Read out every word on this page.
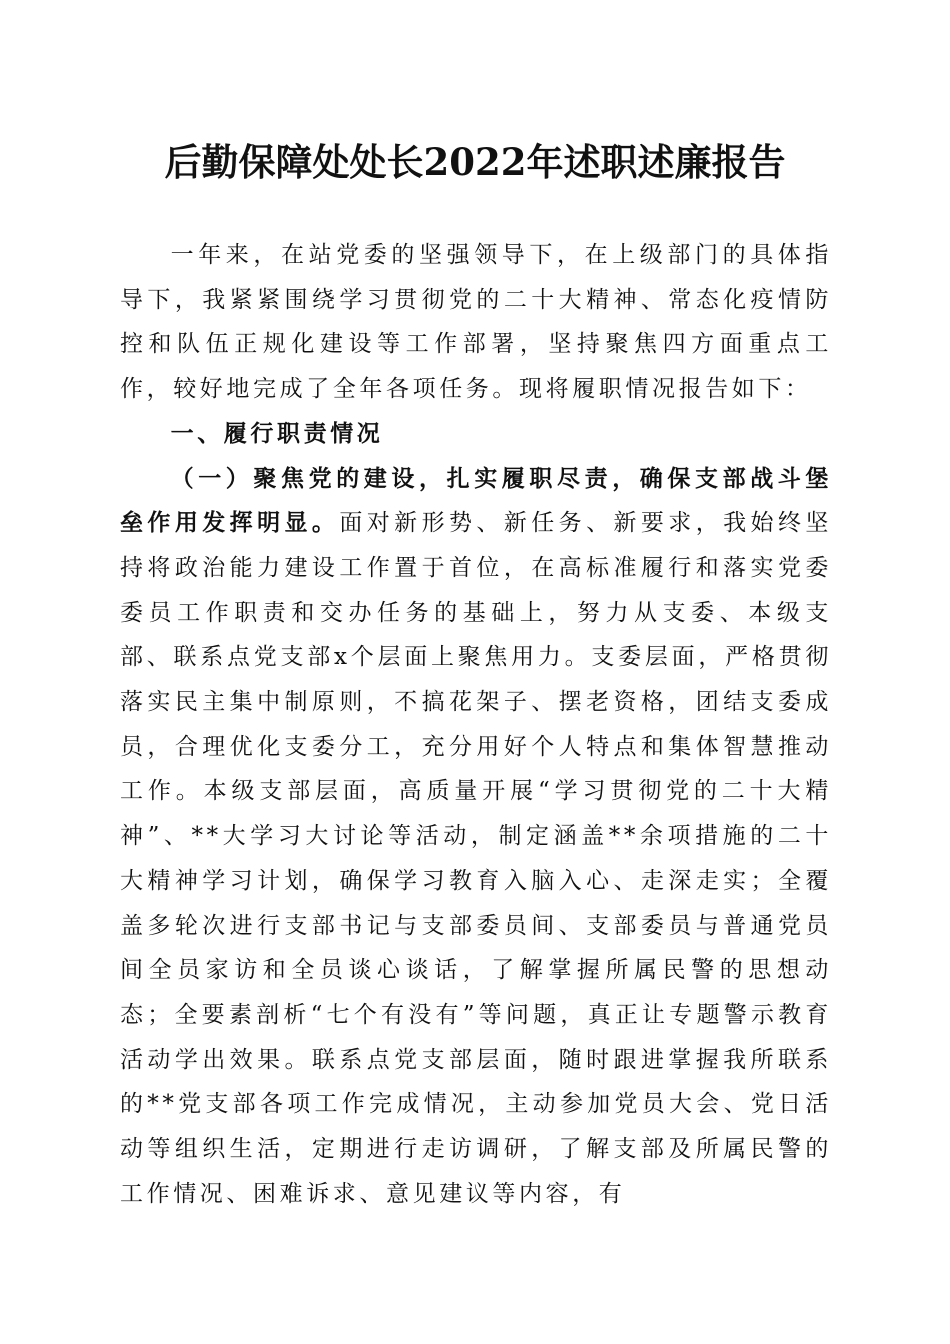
后勤保障处处长2022年述职述廉报告

一年来，在站党委的坚强领导下，在上级部门的具体指导下，我紧紧围绕学习贯彻党的二十大精神、常态化疫情防控和队伍正规化建设等工作部署，坚持聚焦四方面重点工作，较好地完成了全年各项任务。现将履职情况报告如下：

一、履行职责情况

（一）聚焦党的建设，扎实履职尽责，确保支部战斗堡垒作用发挥明显。面对新形势、新任务、新要求，我始终坚持将政治能力建设工作置于首位，在高标准履行和落实党委委员工作职责和交办任务的基础上，努力从支委、本级支部、联系点党支部x个层面上聚焦用力。支委层面，严格贯彻落实民主集中制原则，不搞花架子、摆老资格，团结支委成员，合理优化支委分工，充分用好个人特点和集体智慧推动工作。本级支部层面，高质量开展“学习贯彻党的二十大精神”、**大学习大讨论等活动，制定涵盖**余项措施的二十大精神学习计划，确保学习教育入脑入心、走深走实；全覆盖多轮次进行支部书记与支部委员间、支部委员与普通党员间全员家访和全员谈心谈话，了解掌握所属民警的思想动态；全要素剖析“七个有没有”等问题，真正让专题警示教育活动学出效果。联系点党支部层面，随时跟进掌握我所联系的**党支部各项工作完成情况，主动参加党员大会、党日活动等组织生活，定期进行走访调研，了解支部及所属民警的工作情况、困难诉求、意见建议等内容，有
